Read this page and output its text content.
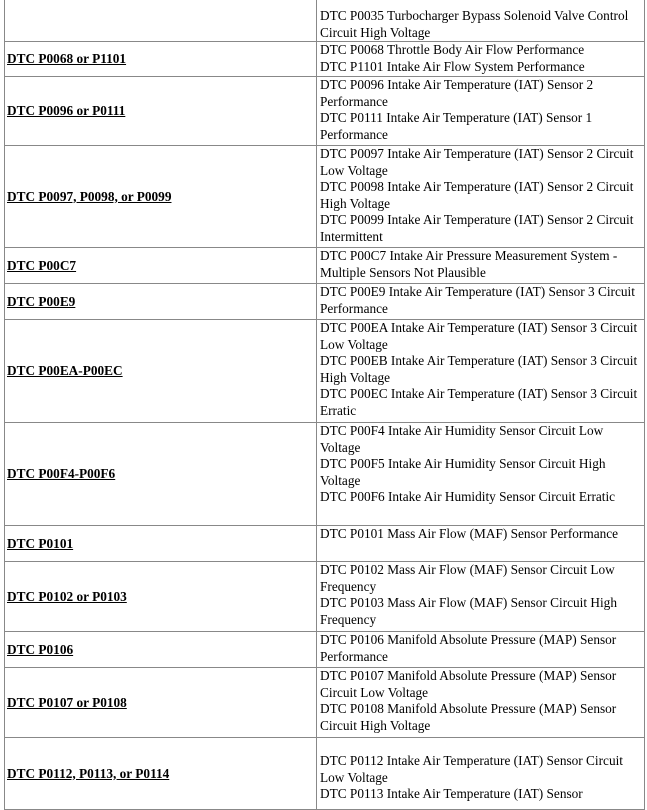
	DTC P0035 Turbocharger Bypass Solenoid Valve Control Circuit High Voltage

DTC P0068 or P1101	DTC P0068 Throttle Body Air Flow Performance
DTC P1101 Intake Air Flow System Performance

DTC P0096 or P0111	DTC P0096 Intake Air Temperature (IAT) Sensor 2 Performance
DTC P0111 Intake Air Temperature (IAT) Sensor 1 Performance

DTC P0097, P0098, or P0099	DTC P0097 Intake Air Temperature (IAT) Sensor 2 Circuit Low Voltage
DTC P0098 Intake Air Temperature (IAT) Sensor 2 Circuit High Voltage
DTC P0099 Intake Air Temperature (IAT) Sensor 2 Circuit Intermittent

DTC P00C7	DTC P00C7 Intake Air Pressure Measurement System - Multiple Sensors Not Plausible

DTC P00E9	DTC P00E9 Intake Air Temperature (IAT) Sensor 3 Circuit Performance

DTC P00EA-P00EC	DTC P00EA Intake Air Temperature (IAT) Sensor 3 Circuit Low Voltage
DTC P00EB Intake Air Temperature (IAT) Sensor 3 Circuit High Voltage
DTC P00EC Intake Air Temperature (IAT) Sensor 3 Circuit Erratic

DTC P00F4-P00F6	DTC P00F4 Intake Air Humidity Sensor Circuit Low Voltage
DTC P00F5 Intake Air Humidity Sensor Circuit High Voltage
DTC P00F6 Intake Air Humidity Sensor Circuit Erratic

DTC P0101	DTC P0101 Mass Air Flow (MAF) Sensor Performance

DTC P0102 or P0103	DTC P0102 Mass Air Flow (MAF) Sensor Circuit Low Frequency
DTC P0103 Mass Air Flow (MAF) Sensor Circuit High Frequency

DTC P0106	DTC P0106 Manifold Absolute Pressure (MAP) Sensor Performance

DTC P0107 or P0108	DTC P0107 Manifold Absolute Pressure (MAP) Sensor Circuit Low Voltage
DTC P0108 Manifold Absolute Pressure (MAP) Sensor Circuit High Voltage

DTC P0112, P0113, or P0114	DTC P0112 Intake Air Temperature (IAT) Sensor Circuit Low Voltage
DTC P0113 Intake Air Temperature (IAT) Sensor
